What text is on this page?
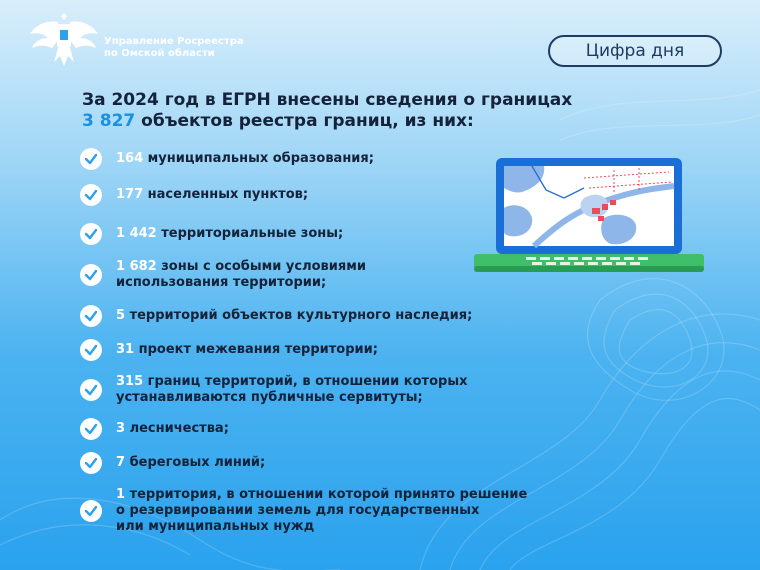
Управление Росреестра
по Омской области	Цифра дня
За 2024 год в ЕГРН внесены сведения о границах
3 827 объектов реестра границ, из них:
164 муниципальных образования;
177 населенных пунктов;
1 442 территориальные зоны;
1 682 зоны с особыми условиями
использования территории;
5 территорий объектов культурного наследия;
31 проект межевания территории;
315 границ территорий, в отношении которых
устанавливаются публичные сервитуты;
3 лесничества;
7 береговых линий;
1 территория, в отношении которой принято решение
о резервировании земель для государственных
или муниципальных нужд
